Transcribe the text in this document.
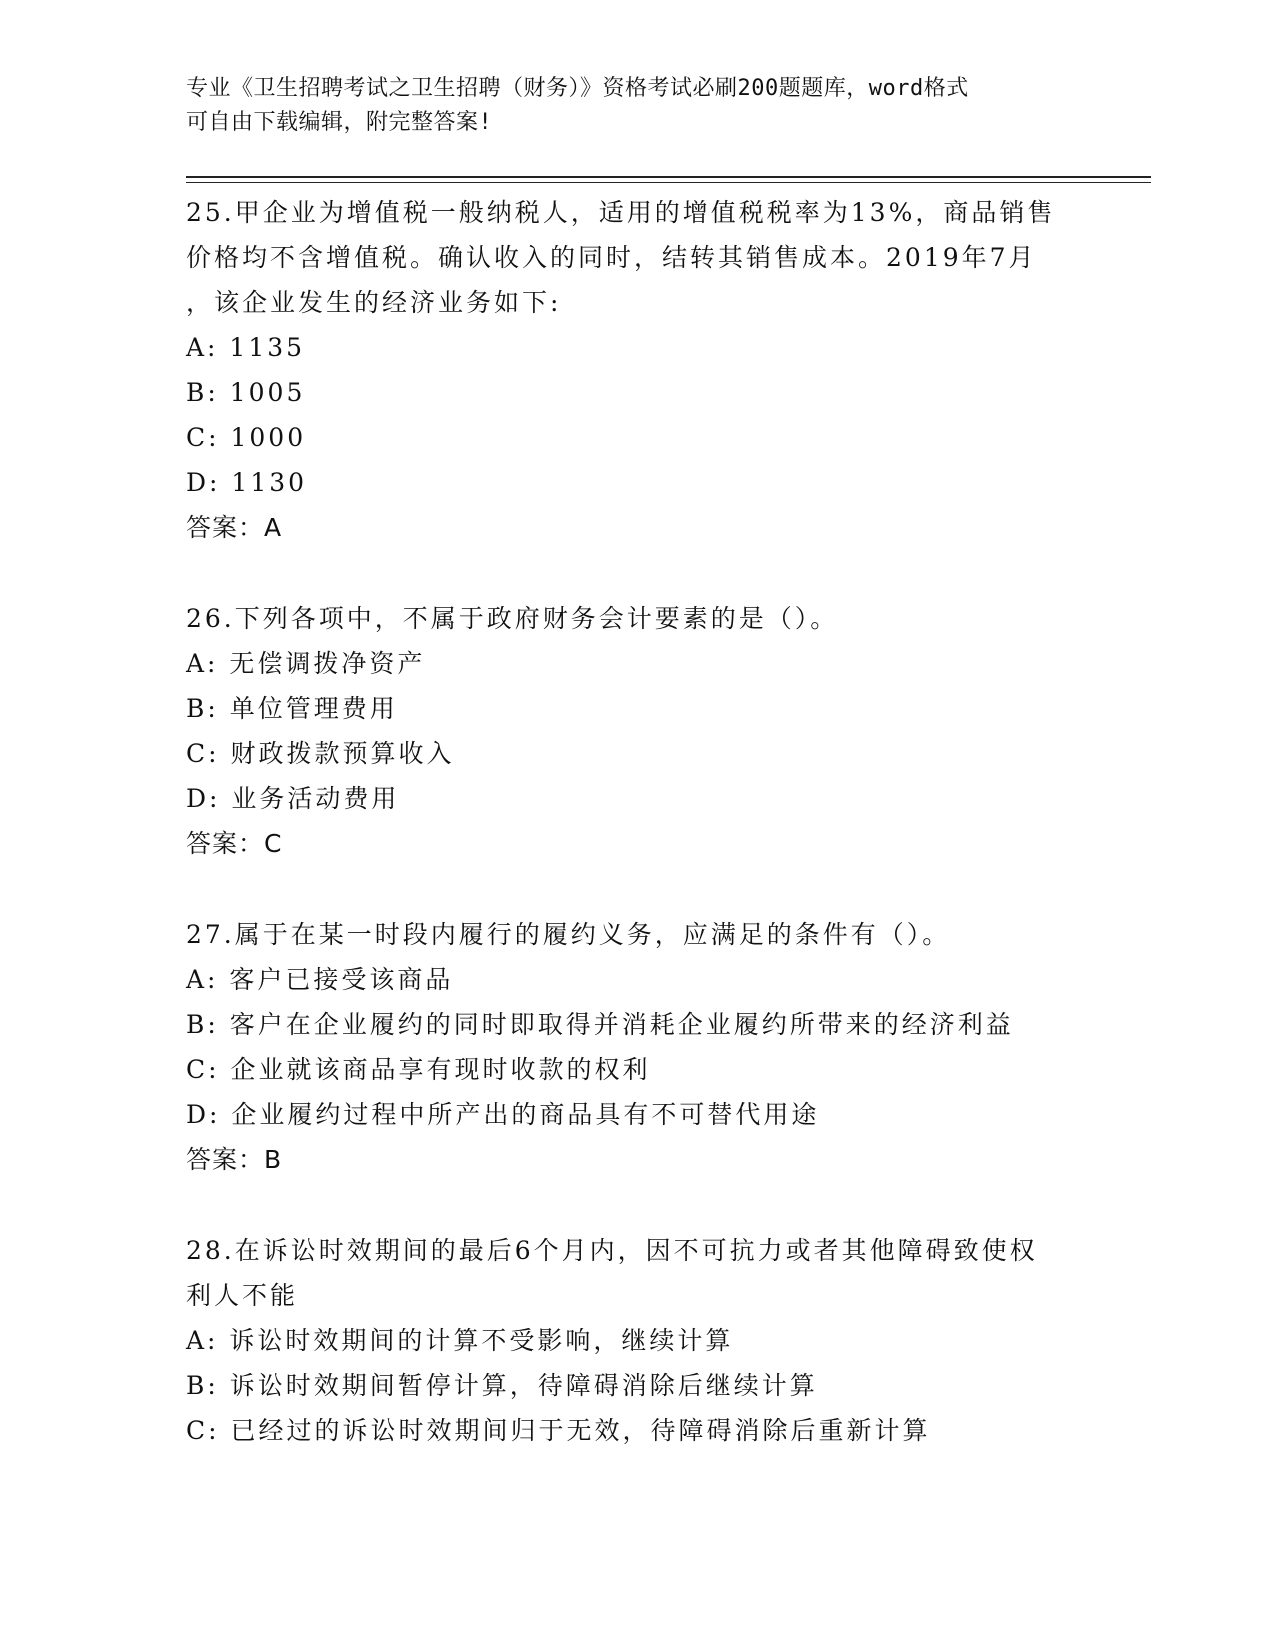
专业《卫生招聘考试之卫生招聘（财务）》资格考试必刷200题题库，word格式
可自由下载编辑，附完整答案!

25.甲企业为增值税一般纳税人，适用的增值税税率为13%，商品销售

价格均不含增值税。确认收入的同时，结转其销售成本。2019年7月

，该企业发生的经济业务如下:

A: 1135

B: 1005

C: 1000

D: 1130

答案：A

26.下列各项中，不属于政府财务会计要素的是（）。

A: 无偿调拨净资产

B: 单位管理费用

C: 财政拨款预算收入

D: 业务活动费用

答案：C

27.属于在某一时段内履行的履约义务，应满足的条件有（）。

A: 客户已接受该商品

B: 客户在企业履约的同时即取得并消耗企业履约所带来的经济利益

C: 企业就该商品享有现时收款的权利

D: 企业履约过程中所产出的商品具有不可替代用途

答案：B

28.在诉讼时效期间的最后6个月内，因不可抗力或者其他障碍致使权

利人不能

A: 诉讼时效期间的计算不受影响，继续计算

B: 诉讼时效期间暂停计算，待障碍消除后继续计算

C: 已经过的诉讼时效期间归于无效，待障碍消除后重新计算
